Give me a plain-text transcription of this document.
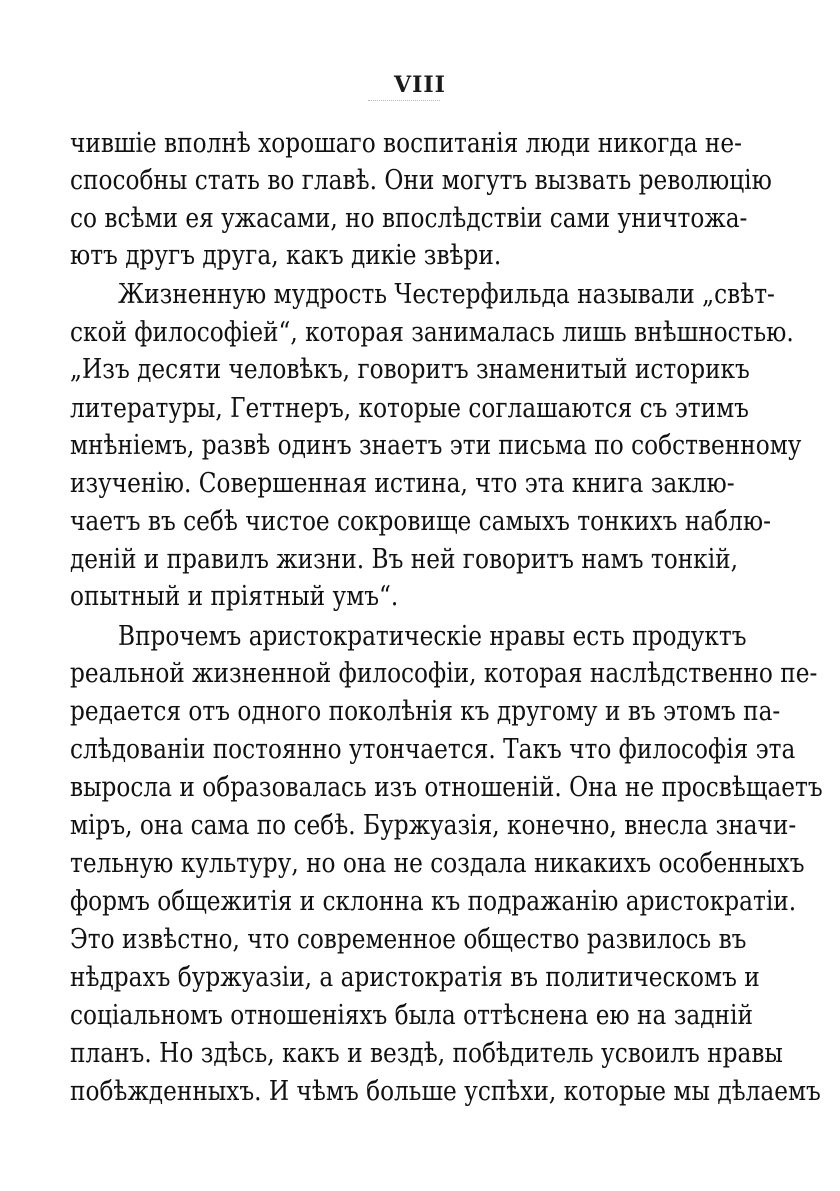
VIII
чившіе вполнѣ хорошаго воспитанія люди никогда не-
способны стать во главѣ. Они могутъ вызвать революцію
со всѣми ея ужасами, но впослѣдствіи сами уничтожа-
ютъ другъ друга, какъ дикіе звѣри.
Жизненную мудрость Честерфильда называли „свѣт-
ской философіей“, которая занималась лишь внѣшностью.
„Изъ десяти человѣкъ, говоритъ знаменитый историкъ
литературы, Геттнеръ, которые соглашаются съ этимъ
мнѣніемъ, развѣ одинъ знаетъ эти письма по собственному
изученію. Совершенная истина, что эта книга заклю-
чаетъ въ себѣ чистое сокровище самыхъ тонкихъ наблю-
деній и правилъ жизни. Въ ней говоритъ намъ тонкій,
опытный и пріятный умъ“.
Впрочемъ аристократическіе нравы есть продуктъ
реальной жизненной философіи, которая наслѣдственно пе-
редается отъ одного поколѣнія къ другому и въ этомъ па-
слѣдованіи постоянно утончается. Такъ что философія эта
выросла и образовалась изъ отношеній. Она не просвѣщаетъ
міръ, она сама по себѣ. Буржуазія, конечно, внесла значи-
тельную культуру, но она не создала никакихъ особенныхъ
формъ общежитія и склонна къ подражанію аристократіи.
Это извѣстно, что современное общество развилось въ
нѣдрахъ буржуазіи, а аристократія въ политическомъ и
соціальномъ отношеніяхъ была оттѣснена ею на задній
планъ. Но здѣсь, какъ и вездѣ, побѣдитель усвоилъ нравы
побѣжденныхъ. И чѣмъ больше успѣхи, которые мы дѣлаемъ
